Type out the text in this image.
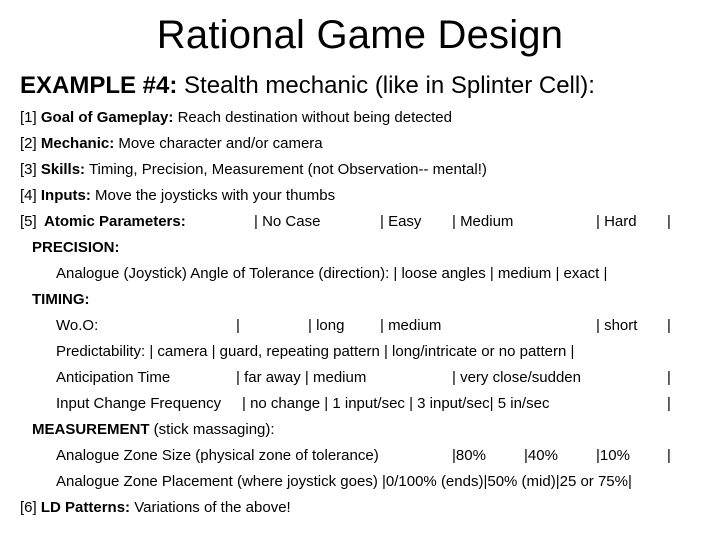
Rational Game Design
EXAMPLE #4: Stealth mechanic (like in Splinter Cell):
[1] Goal of Gameplay: Reach destination without being detected
[2] Mechanic: Move character and/or camera
[3] Skills: Timing, Precision, Measurement (not Observation-- mental!)
[4] Inputs: Move the joysticks with your thumbs
[5] Atomic Parameters:	| No Case	| Easy | Medium	| Hard |
PRECISION:
Analogue (Joystick) Angle of Tolerance (direction): | loose angles | medium | exact |
TIMING:
Wo.O:	|	| long | medium	| short |
Predictability: | camera | guard, repeating pattern | long/intricate or no pattern |
Anticipation Time	| far away | medium	| very close/sudden	|
Input Change Frequency | no change | 1 input/sec | 3 input/sec| 5 in/sec	|
MEASUREMENT (stick massaging):
Analogue Zone Size (physical zone of tolerance)	|80%	|40%	|10% |
Analogue Zone Placement (where joystick goes) |0/100% (ends)|50% (mid)|25 or 75%|
[6] LD Patterns: Variations of the above!
